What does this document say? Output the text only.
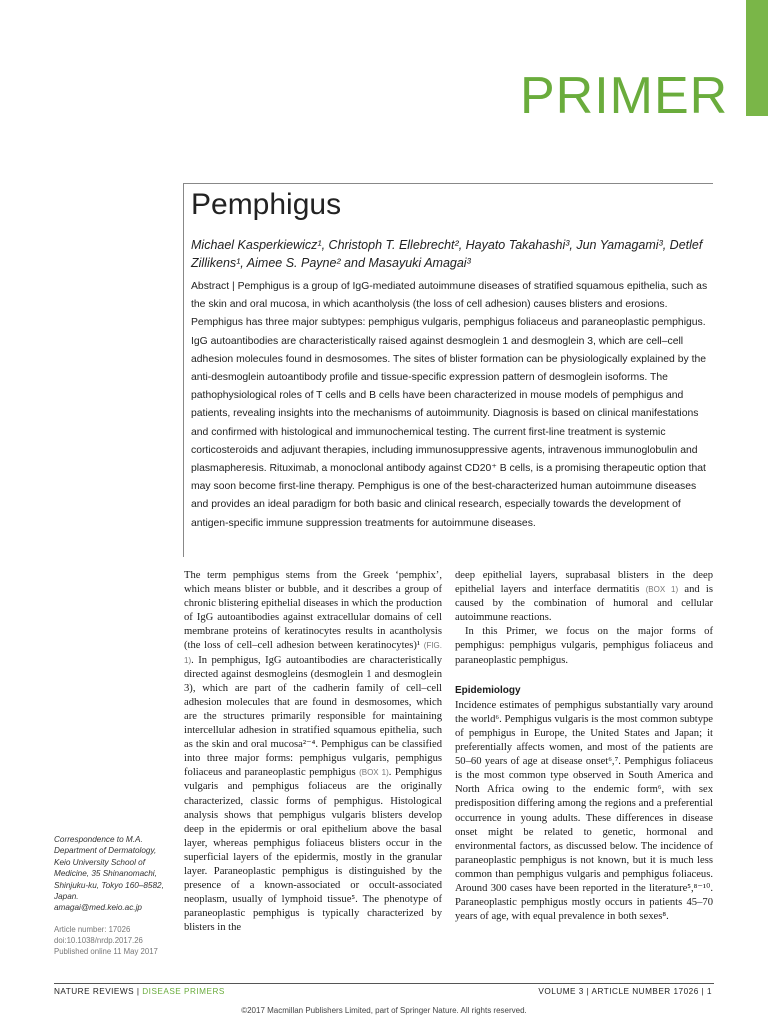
PRIMER
Pemphigus
Michael Kasperkiewicz¹, Christoph T. Ellebrecht², Hayato Takahashi³, Jun Yamagami³, Detlef Zillikens¹, Aimee S. Payne² and Masayuki Amagai³
Abstract | Pemphigus is a group of IgG-mediated autoimmune diseases of stratified squamous epithelia, such as the skin and oral mucosa, in which acantholysis (the loss of cell adhesion) causes blisters and erosions. Pemphigus has three major subtypes: pemphigus vulgaris, pemphigus foliaceus and paraneoplastic pemphigus. IgG autoantibodies are characteristically raised against desmoglein 1 and desmoglein 3, which are cell–cell adhesion molecules found in desmosomes. The sites of blister formation can be physiologically explained by the anti-desmoglein autoantibody profile and tissue-specific expression pattern of desmoglein isoforms. The pathophysiological roles of T cells and B cells have been characterized in mouse models of pemphigus and patients, revealing insights into the mechanisms of autoimmunity. Diagnosis is based on clinical manifestations and confirmed with histological and immunochemical testing. The current first-line treatment is systemic corticosteroids and adjuvant therapies, including immunosuppressive agents, intravenous immunoglobulin and plasmapheresis. Rituximab, a monoclonal antibody against CD20⁺ B cells, is a promising therapeutic option that may soon become first-line therapy. Pemphigus is one of the best-characterized human autoimmune diseases and provides an ideal paradigm for both basic and clinical research, especially towards the development of antigen-specific immune suppression treatments for autoimmune diseases.

The term pemphigus stems from the Greek ‘pemphix’, which means blister or bubble, and it describes a group of chronic blistering epithelial diseases in which the production of IgG autoantibodies against extracellular domains of cell membrane proteins of keratinocytes results in acantholysis (the loss of cell–cell adhesion between keratinocytes)¹ (FIG. 1). In pemphigus, IgG autoantibodies are characteristically directed against desmogleins (desmoglein 1 and desmoglein 3), which are part of the cadherin family of cell–cell adhesion molecules that are found in desmosomes, which are the structures primarily responsible for maintaining intercellular adhesion in stratified squamous epithelia, such as the skin and oral mucosa²⁻⁴. Pemphigus can be classified into three major forms: pemphigus vulgaris, pemphigus foliaceus and paraneoplastic pemphigus (BOX 1). Pemphigus vulgaris and pemphigus foliaceus are the originally characterized, classic forms of pemphigus. Histological analysis shows that pemphigus vulgaris blisters develop deep in the epidermis or oral epithelium above the basal layer, whereas pemphigus foliaceus blisters occur in the superficial layers of the epidermis, mostly in the granular layer. Paraneoplastic pemphigus is distinguished by the presence of a known-associated or occult-associated neoplasm, usually of lymphoid tissue⁵. The phenotype of paraneoplastic pemphigus is typically characterized by blisters in the

deep epithelial layers, suprabasal blisters in the deep epithelial layers and interface dermatitis (BOX 1) and is caused by the combination of humoral and cellular autoimmune reactions.

In this Primer, we focus on the major forms of pemphigus: pemphigus vulgaris, pemphigus foliaceus and paraneoplastic pemphigus.

Epidemiology

Incidence estimates of pemphigus substantially vary around the world⁶. Pemphigus vulgaris is the most common subtype of pemphigus in Europe, the United States and Japan; it preferentially affects women, and most of the patients are 50–60 years of age at disease onset⁶,⁷. Pemphigus foliaceus is the most common type observed in South America and North Africa owing to the endemic form⁶, with sex predisposition differing among the regions and a preferential occurrence in young adults. These differences in disease onset might be related to genetic, hormonal and environmental factors, as discussed below. The incidence of paraneoplastic pemphigus is not known, but it is much less common than pemphigus vulgaris and pemphigus foliaceus. Around 300 cases have been reported in the literature⁵,⁸⁻¹⁰. Paraneoplastic pemphigus mostly occurs in patients 45–70 years of age, with equal prevalence in both sexes⁸.

Correspondence to M.A. Department of Dermatology, Keio University School of Medicine, 35 Shinanomachi, Shinjuku-ku, Tokyo 160–8582, Japan.
amagai@med.keio.ac.jp
Article number: 17026
doi:10.1038/nrdp.2017.26
Published online 11 May 2017
NATURE REVIEWS | DISEASE PRIMERS	VOLUME 3 | ARTICLE NUMBER 17026 | 1
©2017 Macmillan Publishers Limited, part of Springer Nature. All rights reserved.
